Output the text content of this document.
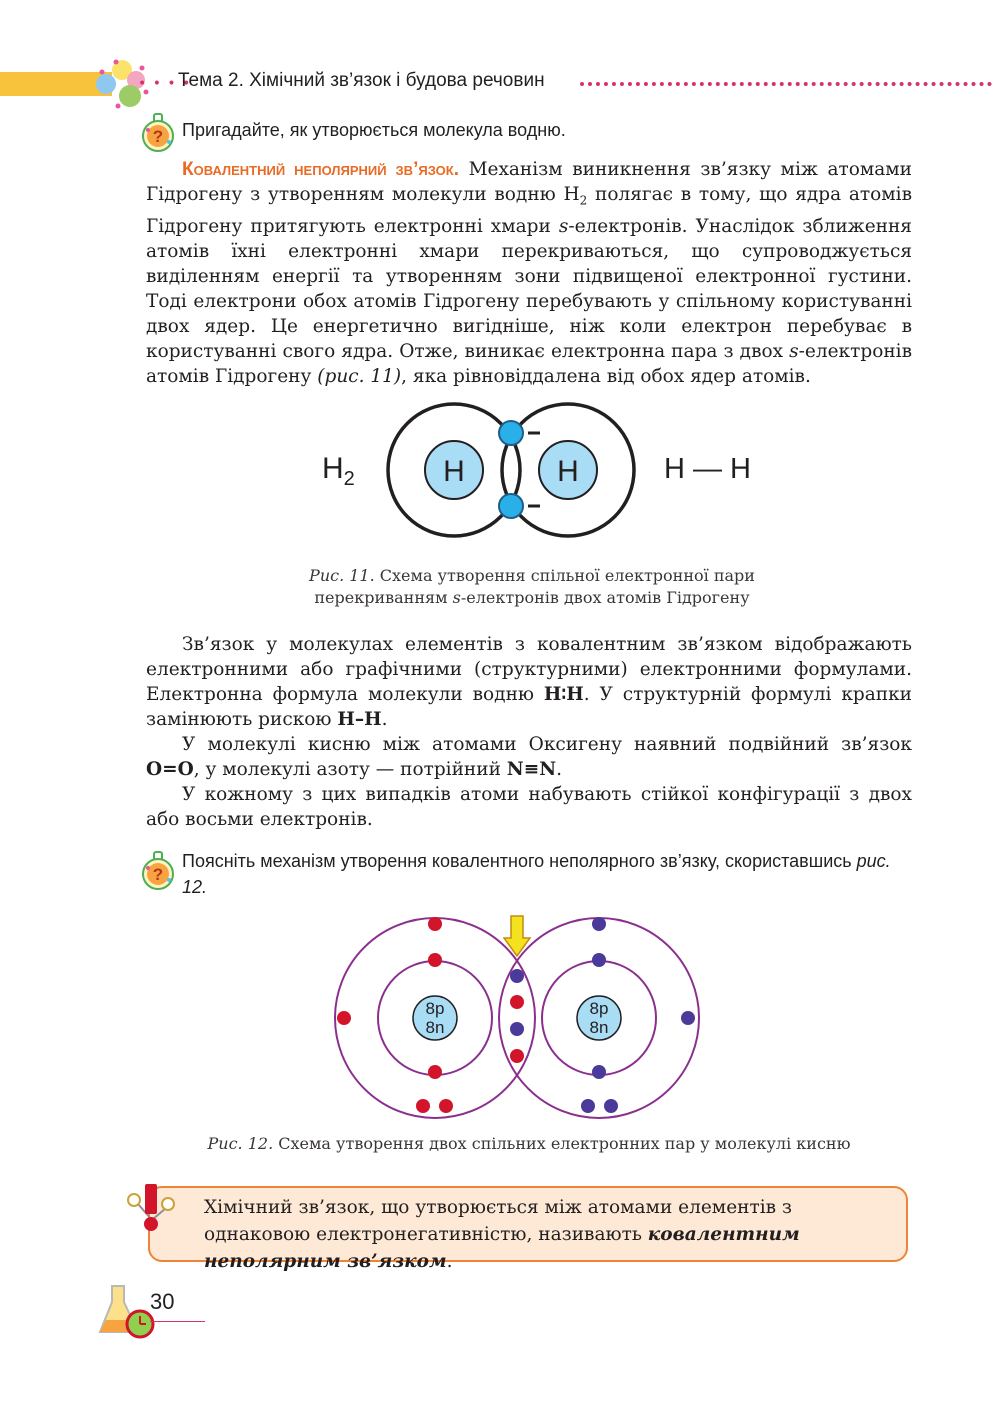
• • • •
Тема 2. Хімічний зв’язок і будова речовин
? Пригадайте, як утворюється молекула водню.
Ковалентний неполярний зв’язок. Механізм виникнення зв’язку між атомами Гідрогену з утворенням молекули водню $H_2$ полягає в тому, що ядра атомів Гідрогену притягують електронні хмари s-електронів. Унаслідок зближення атомів їхні електронні хмари перекриваються, що супроводжується виділенням енергії та утворенням зони підвищеної електронної густини. Тоді електрони обох атомів Гідрогену перебувають у спільному користуванні двох ядер. Це енергетично вигідніше, ніж коли електрон перебуває в користуванні свого ядра. Отже, виникає електронна пара з двох s-електронів атомів Гідрогену (рис. 11), яка рівновіддалена від обох ядер атомів.
$H_2$	H	H	H — H
Рис. 11. Схема утворення спільної електронної пари
перекриванням s-електронів двох атомів Гідрогену
Зв’язок у молекулах елементів з ковалентним зв’язком відображають електронними або графічними (структурними) електронними формулами. Електронна формула молекули водню H∶H. У структурній формулі крапки замінюють рискою H–H.
У молекулі кисню між атомами Оксигену наявний подвійний зв’язок O=O, у молекулі азоту — потрійний N≡N.
У кожному з цих випадків атоми набувають стійкої конфігурації з двох або восьми електронів.
?
Поясніть механізм утворення ковалентного неполярного зв’язку, скориставшись рис. 12.
8p
8n
8p
8n
Рис. 12. Схема утворення двох спільних електронних пар у молекулі кисню
Хімічний зв’язок, що утворюється між атомами елементів з однаковою електронегативністю, називають ковалентним неполярним зв’язком.
30
